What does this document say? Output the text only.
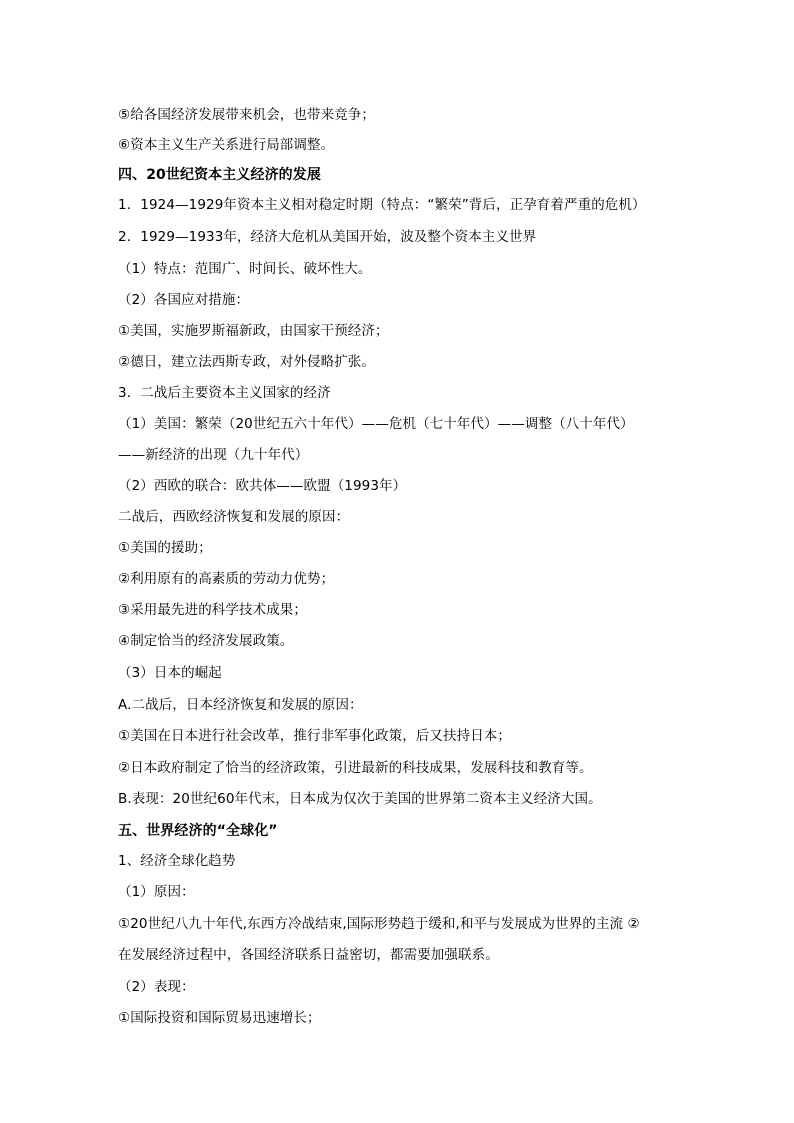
⑤给各国经济发展带来机会，也带来竞争；
⑥资本主义生产关系进行局部调整。
四、20世纪资本主义经济的发展
1．1924—1929年资本主义相对稳定时期（特点：“繁荣”背后，正孕育着严重的危机）
2．1929—1933年，经济大危机从美国开始，波及整个资本主义世界
（1）特点：范围广、时间长、破坏性大。
（2）各国应对措施：
①美国，实施罗斯福新政，由国家干预经济；
②德日，建立法西斯专政，对外侵略扩张。
3．二战后主要资本主义国家的经济
（1）美国：繁荣（20世纪五六十年代）——危机（七十年代）——调整（八十年代）
——新经济的出现（九十年代）
（2）西欧的联合：欧共体——欧盟（1993年）
二战后，西欧经济恢复和发展的原因：
①美国的援助；
②利用原有的高素质的劳动力优势；
③采用最先进的科学技术成果；
④制定恰当的经济发展政策。
（3）日本的崛起
A.二战后，日本经济恢复和发展的原因：
①美国在日本进行社会改革，推行非军事化政策，后又扶持日本；
②日本政府制定了恰当的经济政策，引进最新的科技成果，发展科技和教育等。
B.表现：20世纪60年代末，日本成为仅次于美国的世界第二资本主义经济大国。
五、世界经济的“全球化”
1、经济全球化趋势
（1）原因：
①20世纪八九十年代,东西方冷战结束,国际形势趋于缓和,和平与发展成为世界的主流 ②
在发展经济过程中，各国经济联系日益密切，都需要加强联系。
（2）表现：
①国际投资和国际贸易迅速增长；
